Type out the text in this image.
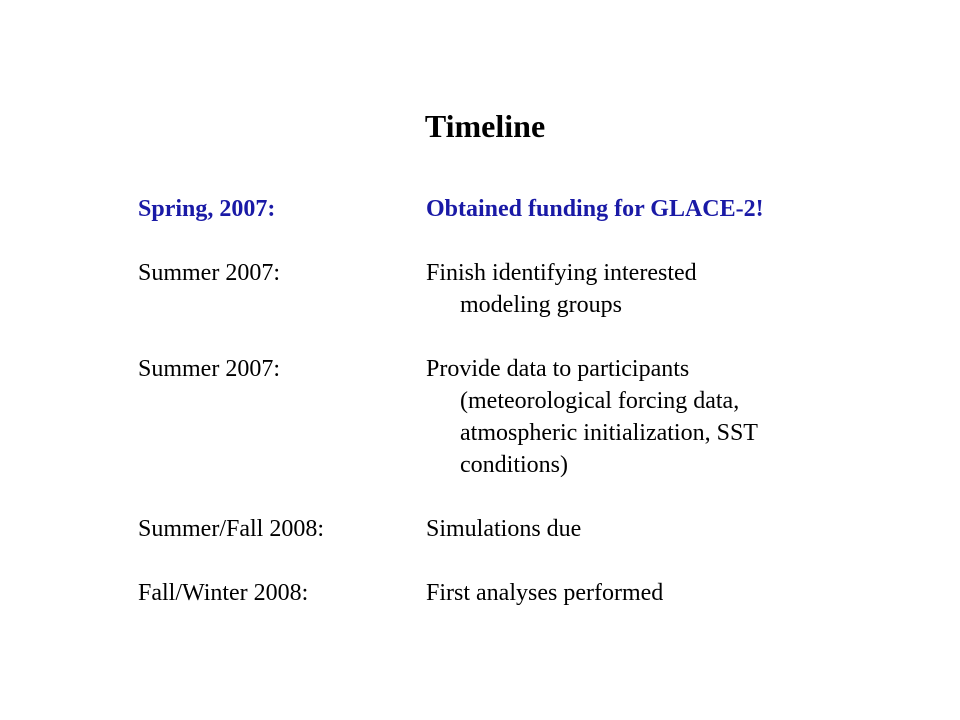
Timeline
Spring, 2007:	Obtained funding for GLACE-2!
Summer 2007:	Finish identifying interested
modeling groups
Summer 2007:	Provide data to participants
(meteorological forcing data,
atmospheric initialization, SST
conditions)
Summer/Fall 2008:	Simulations due
Fall/Winter 2008:	First analyses performed
